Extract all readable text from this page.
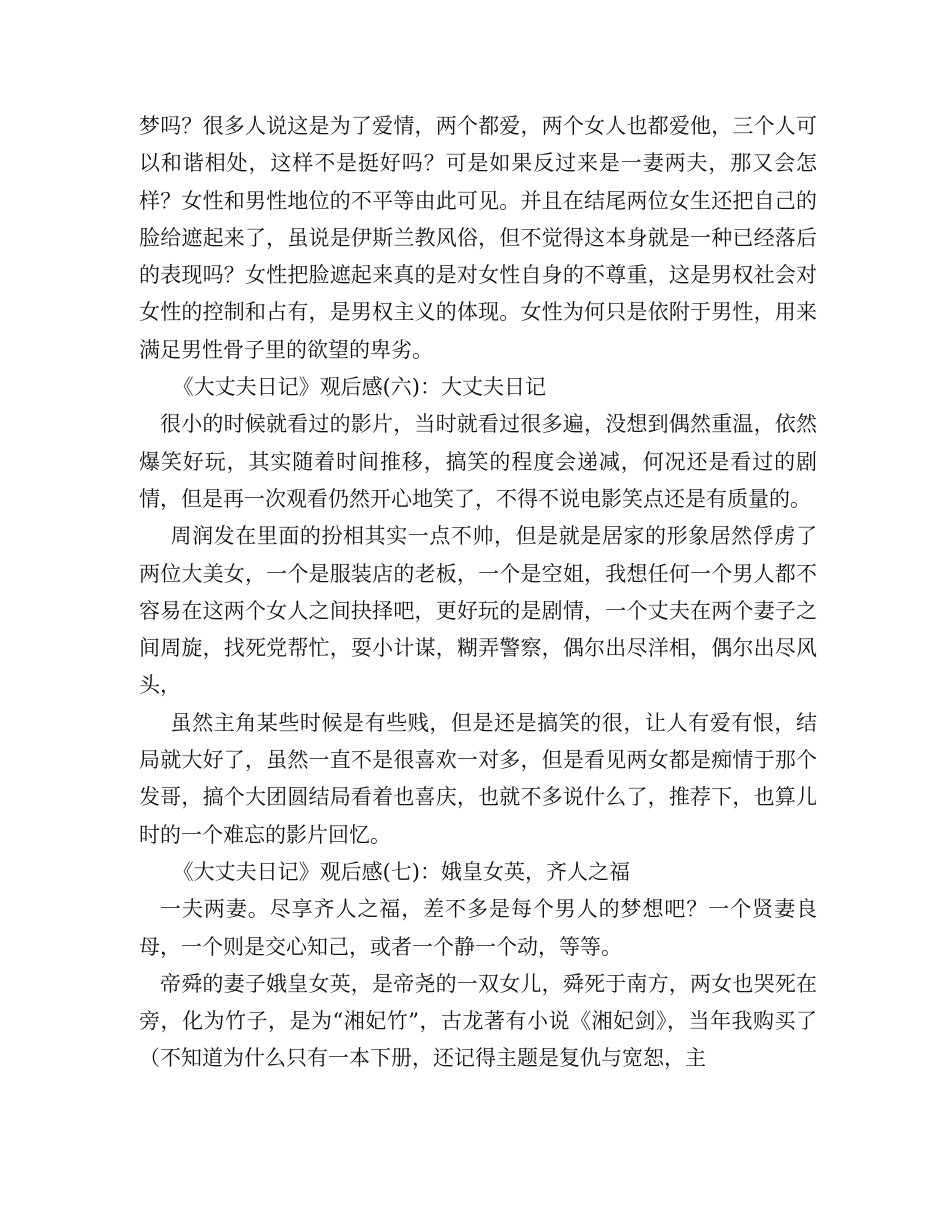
梦吗？很多人说这是为了爱情，两个都爱，两个女人也都爱他，三个人可以和谐相处，这样不是挺好吗？可是如果反过来是一妻两夫，那又会怎样？女性和男性地位的不平等由此可见。并且在结尾两位女生还把自己的脸给遮起来了，虽说是伊斯兰教风俗，但不觉得这本身就是一种已经落后的表现吗？女性把脸遮起来真的是对女性自身的不尊重，这是男权社会对女性的控制和占有，是男权主义的体现。女性为何只是依附于男性，用来满足男性骨子里的欲望的卑劣。

《大丈夫日记》观后感(六)：大丈夫日记

很小的时候就看过的影片，当时就看过很多遍，没想到偶然重温，依然爆笑好玩，其实随着时间推移，搞笑的程度会递减，何况还是看过的剧情，但是再一次观看仍然开心地笑了，不得不说电影笑点还是有质量的。

周润发在里面的扮相其实一点不帅，但是就是居家的形象居然俘虏了两位大美女，一个是服装店的老板，一个是空姐，我想任何一个男人都不容易在这两个女人之间抉择吧，更好玩的是剧情，一个丈夫在两个妻子之间周旋，找死党帮忙，耍小计谋，糊弄警察，偶尔出尽洋相，偶尔出尽风头，

虽然主角某些时候是有些贱，但是还是搞笑的很，让人有爱有恨，结局就大好了，虽然一直不是很喜欢一对多，但是看见两女都是痴情于那个发哥，搞个大团圆结局看着也喜庆，也就不多说什么了，推荐下，也算儿时的一个难忘的影片回忆。

《大丈夫日记》观后感(七)：娥皇女英，齐人之福

一夫两妻。尽享齐人之福，差不多是每个男人的梦想吧？一个贤妻良母，一个则是交心知己，或者一个静一个动，等等。

帝舜的妻子娥皇女英，是帝尧的一双女儿，舜死于南方，两女也哭死在旁，化为竹子，是为“湘妃竹”，古龙著有小说《湘妃剑》，当年我购买了（不知道为什么只有一本下册，还记得主题是复仇与宽恕，主
